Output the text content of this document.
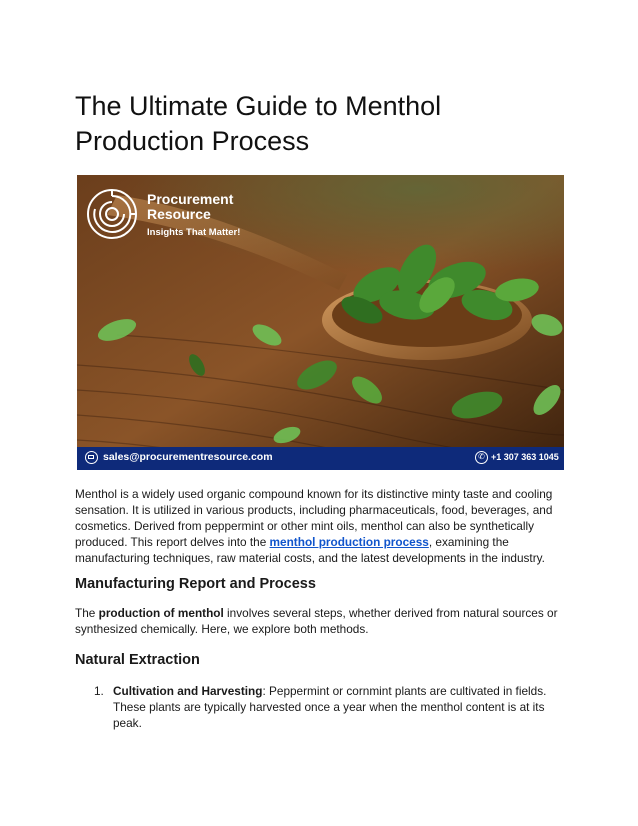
The Ultimate Guide to Menthol Production Process
Procurement Resource
Insights That Matter!
sales@procurementresource.com	✆ +1 307 363 1045

Menthol is a widely used organic compound known for its distinctive minty taste and cooling sensation. It is utilized in various products, including pharmaceuticals, food, beverages, and cosmetics. Derived from peppermint or other mint oils, menthol can also be synthetically produced. This report delves into the menthol production process, examining the manufacturing techniques, raw material costs, and the latest developments in the industry.

Manufacturing Report and Process

The production of menthol involves several steps, whether derived from natural sources or synthesized chemically. Here, we explore both methods.

Natural Extraction
1. Cultivation and Harvesting: Peppermint or cornmint plants are cultivated in fields. These plants are typically harvested once a year when the menthol content is at its peak.
